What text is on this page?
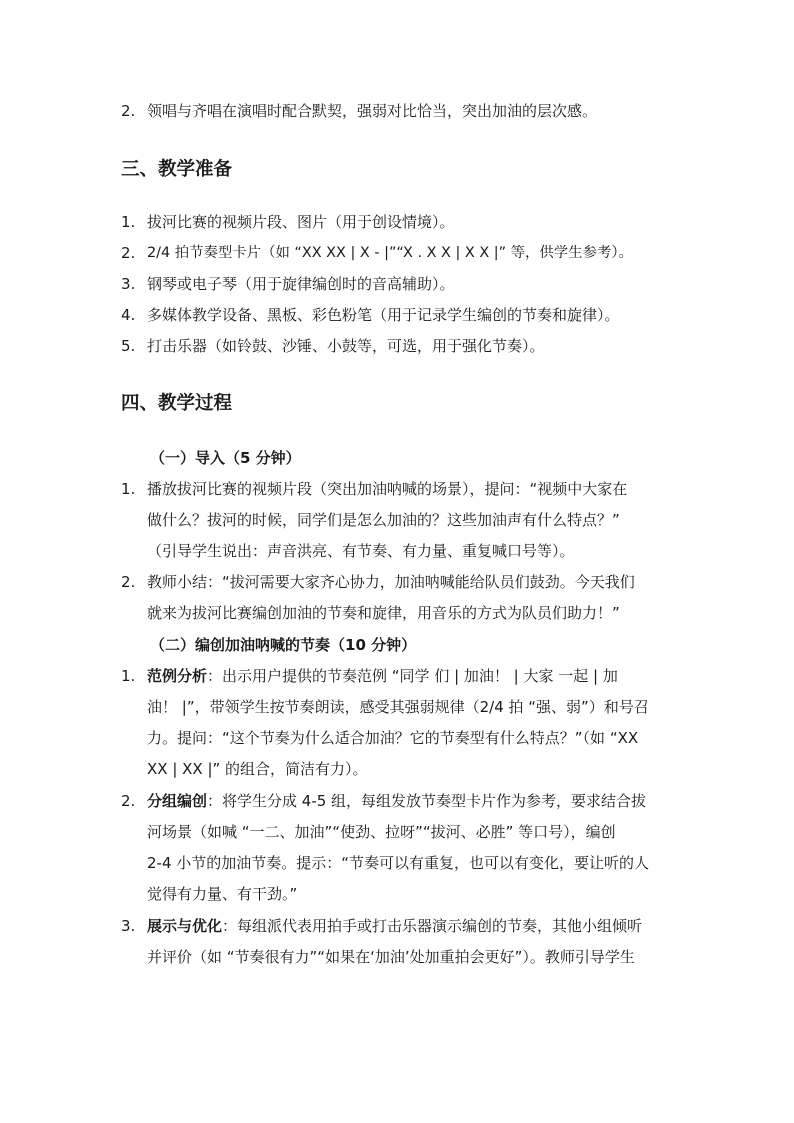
2. 领唱与齐唱在演唱时配合默契，强弱对比恰当，突出加油的层次感。
三、教学准备
1. 拔河比赛的视频片段、图片（用于创设情境）。
2. 2/4 拍节奏型卡片（如 “XX XX | X - |”“X . X X | X X |” 等，供学生参考）。
3. 钢琴或电子琴（用于旋律编创时的音高辅助）。
4. 多媒体教学设备、黑板、彩色粉笔（用于记录学生编创的节奏和旋律）。
5. 打击乐器（如铃鼓、沙锤、小鼓等，可选，用于强化节奏）。
四、教学过程
（一）导入（5 分钟）
1. 播放拔河比赛的视频片段（突出加油呐喊的场景），提问：“视频中大家在
做什么？拔河的时候，同学们是怎么加油的？这些加油声有什么特点？”
（引导学生说出：声音洪亮、有节奏、有力量、重复喊口号等）。
2. 教师小结：“拔河需要大家齐心协力，加油呐喊能给队员们鼓劲。今天我们
就来为拔河比赛编创加油的节奏和旋律，用音乐的方式为队员们助力！”
（二）编创加油呐喊的节奏（10 分钟）
1. 范例分析：出示用户提供的节奏范例 “同学 们 | 加油！ | 大家 一起 | 加
油！ |”，带领学生按节奏朗读，感受其强弱规律（2/4 拍 “强、弱”）和号召
力。提问：“这个节奏为什么适合加油？它的节奏型有什么特点？”（如 “XX
XX | XX |” 的组合，简洁有力）。
2. 分组编创：将学生分成 4-5 组，每组发放节奏型卡片作为参考，要求结合拔
河场景（如喊 “一二、加油”“使劲、拉呀”“拔河、必胜” 等口号），编创
2-4 小节的加油节奏。提示：“节奏可以有重复，也可以有变化，要让听的人
觉得有力量、有干劲。”
3. 展示与优化：每组派代表用拍手或打击乐器演示编创的节奏，其他小组倾听
并评价（如 “节奏很有力”“如果在‘加油’处加重拍会更好”）。教师引导学生
